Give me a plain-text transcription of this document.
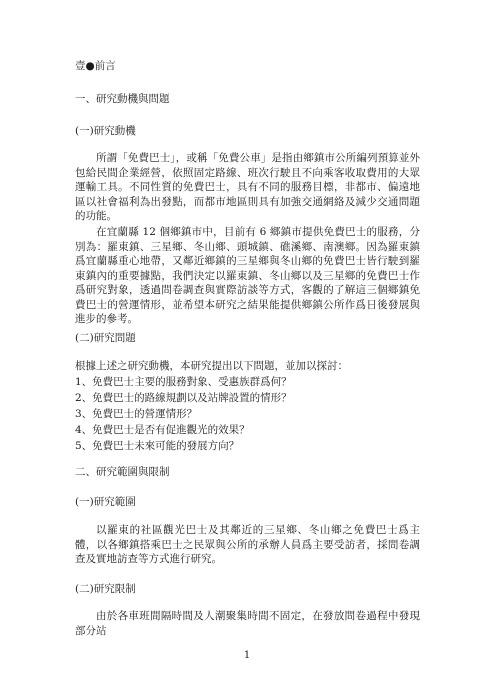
壹●前言
一、研究動機與問題
(一)研究動機

所謂「免費巴士」，或稱「免費公車」是指由鄉鎮市公所編列預算並外包給民間企業經營，依照固定路線、班次行駛且不向乘客收取費用的大眾運輸工具。不同性質的免費巴士，具有不同的服務目標，非都市、偏遠地區以社會福利為出發點，而都市地區則具有加強交通網絡及減少交通問題的功能。

在宜蘭縣 12 個鄉鎮市中，目前有 6 鄉鎮市提供免費巴士的服務，分別為：羅東鎮、三星鄉、冬山鄉、頭城鎮、礁溪鄉、南澳鄉。因為羅東鎮爲宜蘭縣重心地帶，又鄰近鄉鎮的三星鄉與冬山鄉的免費巴士皆行駛到羅東鎮內的重要據點，我們決定以羅東鎮、冬山鄉以及三星鄉的免費巴士作爲研究對象，透過問卷調查與實際訪談等方式，客觀的了解這三個鄉鎮免費巴士的營運情形，並希望本研究之結果能提供鄉鎮公所作爲日後發展與進步的參考。

(二)研究問題
根據上述之研究動機，本研究提出以下問題，並加以探討：
1、免費巴士主要的服務對象、受惠族群爲何？
2、免費巴士的路線規劃以及站牌設置的情形？
3、免費巴士的營運情形？
4、免費巴士是否有促進觀光的效果？
5、免費巴士未來可能的發展方向？
二、研究範圍與限制
(一)研究範圍

以羅東的社區觀光巴士及其鄰近的三星鄉、冬山鄉之免費巴士爲主體，以各鄉鎮搭乘巴士之民眾與公所的承辦人員爲主要受訪者，採問卷調查及實地訪查等方式進行研究。

(二)研究限制

由於各車班間隔時間及人潮聚集時間不固定，在發放問卷過程中發現部分站

1
